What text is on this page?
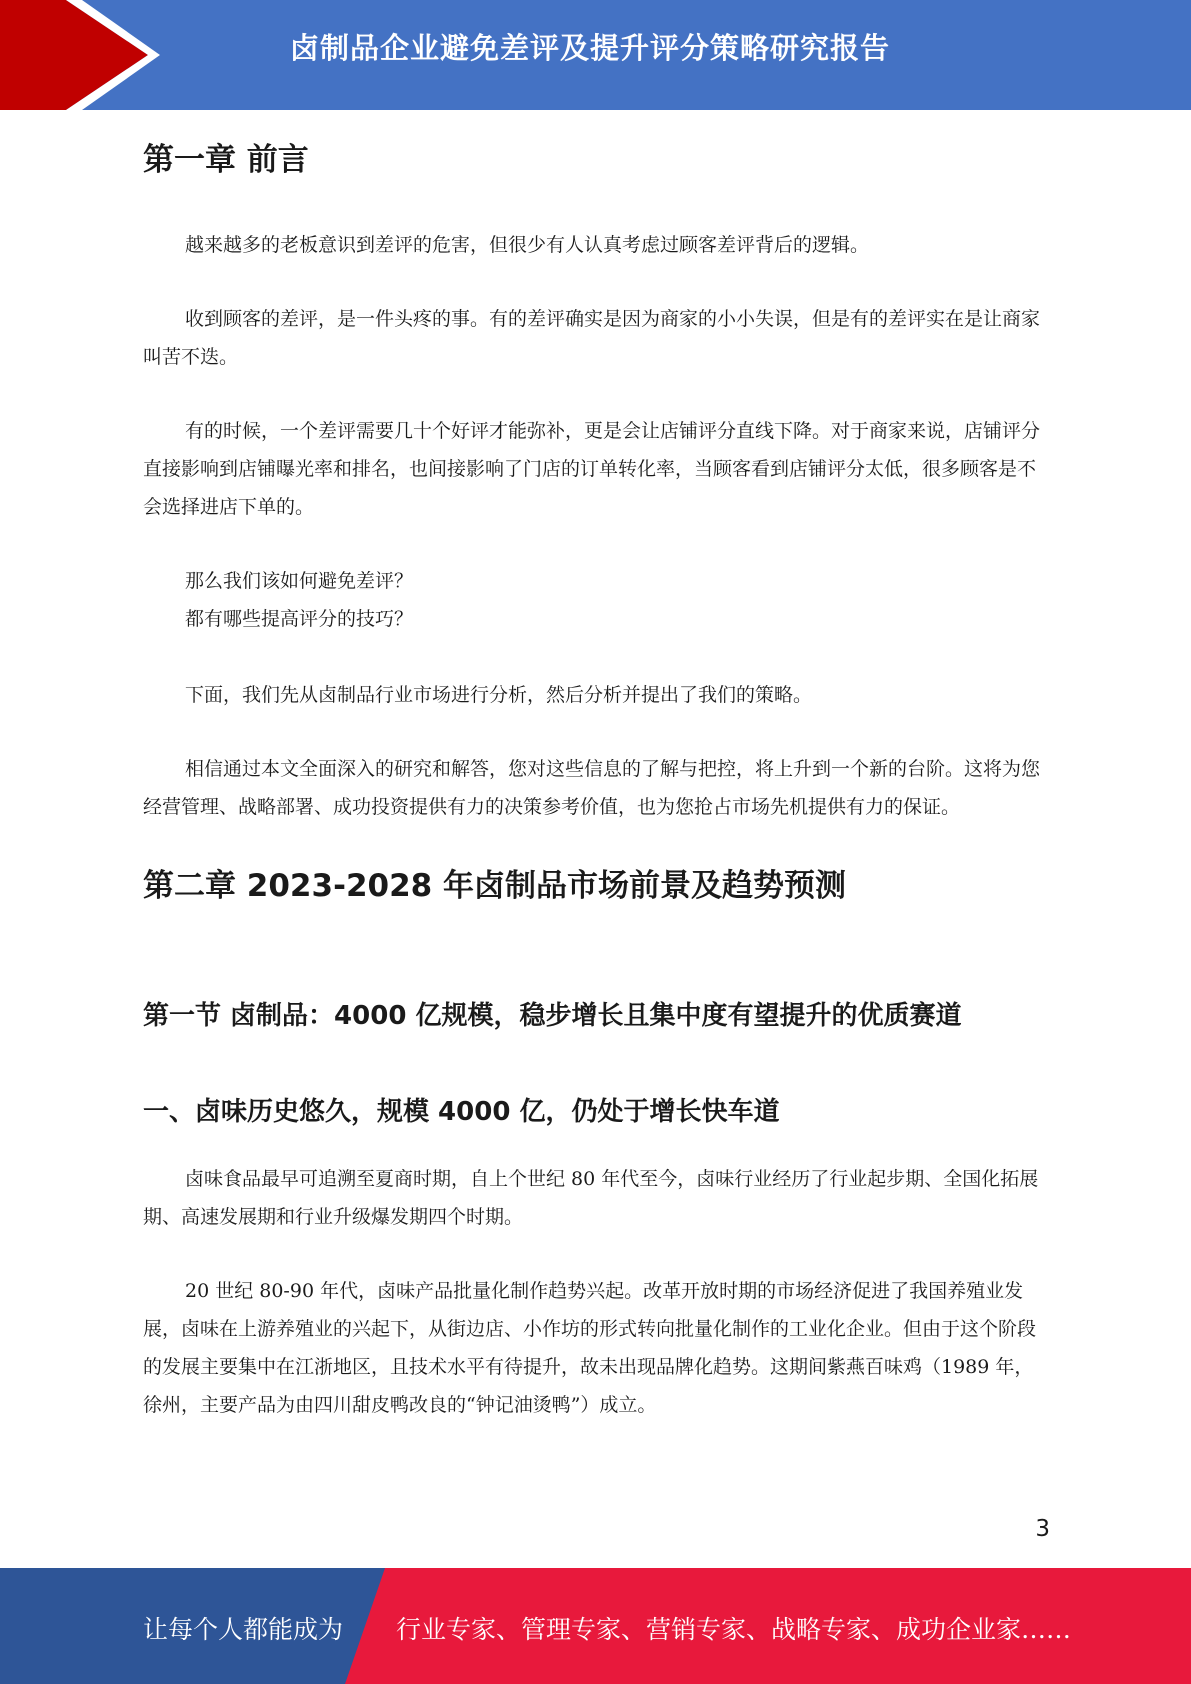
卤制品企业避免差评及提升评分策略研究报告
第一章 前言

越来越多的老板意识到差评的危害，但很少有人认真考虑过顾客差评背后的逻辑。

收到顾客的差评，是一件头疼的事。有的差评确实是因为商家的小小失误，但是有的差评实在是让商家叫苦不迭。

有的时候，一个差评需要几十个好评才能弥补，更是会让店铺评分直线下降。对于商家来说，店铺评分直接影响到店铺曝光率和排名，也间接影响了门店的订单转化率，当顾客看到店铺评分太低，很多顾客是不会选择进店下单的。

那么我们该如何避免差评？

都有哪些提高评分的技巧？

下面，我们先从卤制品行业市场进行分析，然后分析并提出了我们的策略。

相信通过本文全面深入的研究和解答，您对这些信息的了解与把控，将上升到一个新的台阶。这将为您经营管理、战略部署、成功投资提供有力的决策参考价值，也为您抢占市场先机提供有力的保证。

第二章 2023-2028 年卤制品市场前景及趋势预测
第一节 卤制品：4000 亿规模，稳步增长且集中度有望提升的优质赛道
一、卤味历史悠久，规模 4000 亿，仍处于增长快车道

卤味食品最早可追溯至夏商时期，自上个世纪 80 年代至今，卤味行业经历了行业起步期、全国化拓展期、高速发展期和行业升级爆发期四个时期。

20 世纪 80-90 年代，卤味产品批量化制作趋势兴起。改革开放时期的市场经济促进了我国养殖业发展，卤味在上游养殖业的兴起下，从街边店、小作坊的形式转向批量化制作的工业化企业。但由于这个阶段的发展主要集中在江浙地区，且技术水平有待提升，故未出现品牌化趋势。这期间紫燕百味鸡（1989 年，徐州，主要产品为由四川甜皮鸭改良的“钟记油烫鸭”）成立。

3
让每个人都能成为 行业专家、管理专家、营销专家、战略专家、成功企业家……
